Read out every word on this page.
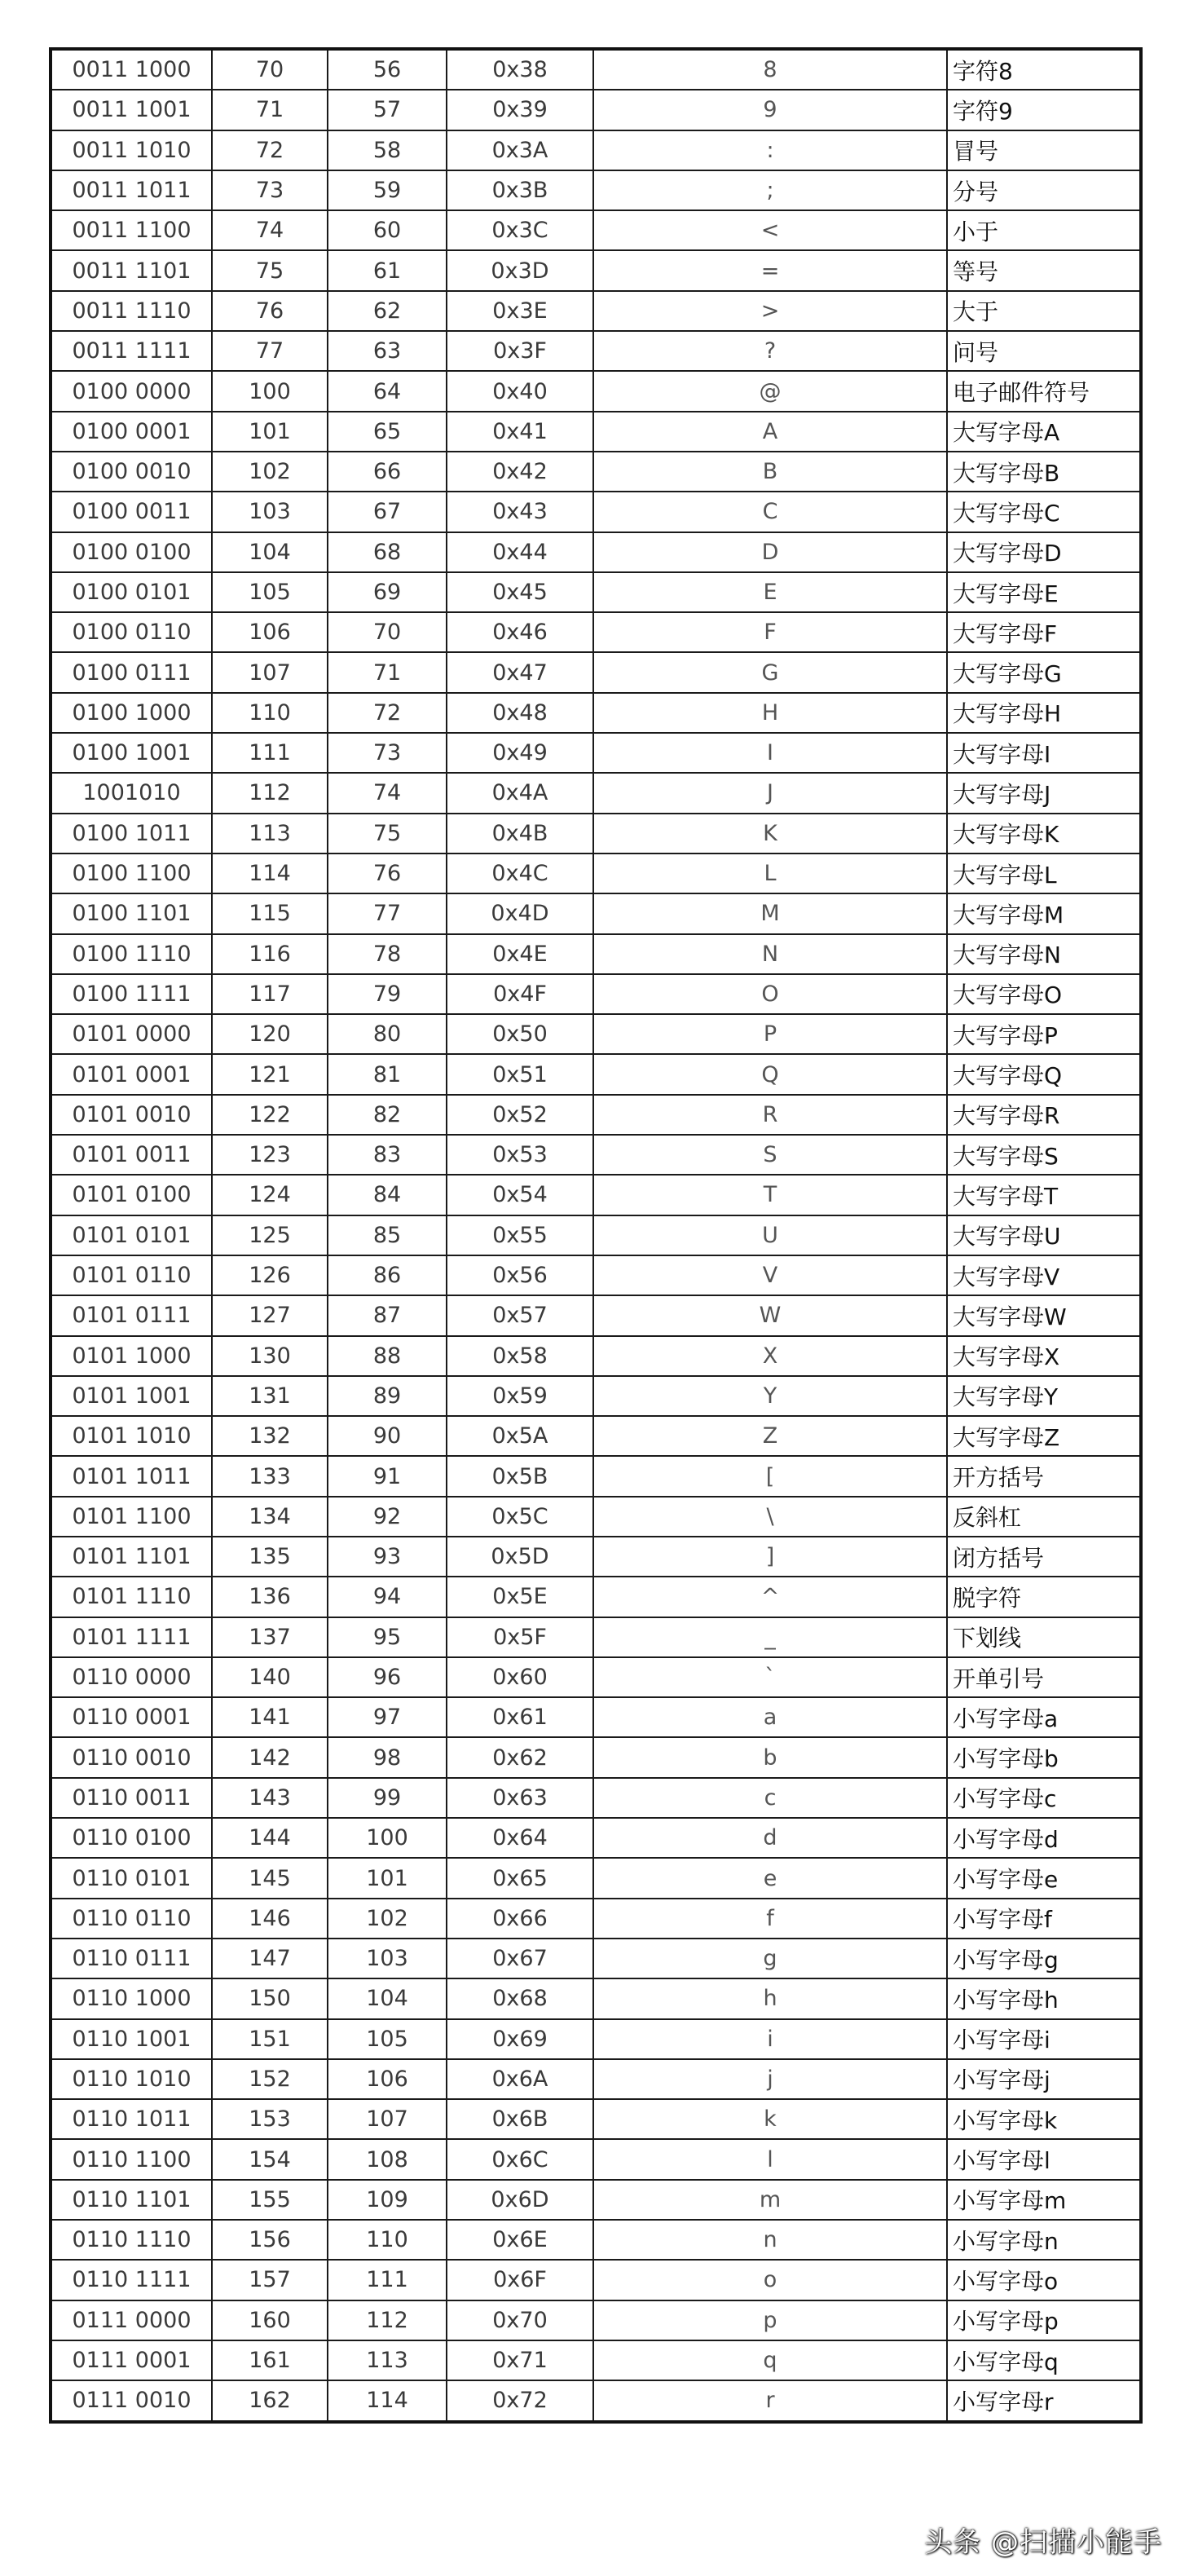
0011 1000	70	56	0x38	8	字符8
0011 1001	71	57	0x39	9	字符9
0011 1010	72	58	0x3A	:	冒号
0011 1011	73	59	0x3B	;	分号
0011 1100	74	60	0x3C	<	小于
0011 1101	75	61	0x3D	=	等号
0011 1110	76	62	0x3E	>	大于
0011 1111	77	63	0x3F	?	问号
0100 0000	100	64	0x40	@	电子邮件符号
0100 0001	101	65	0x41	A	大写字母A
0100 0010	102	66	0x42	B	大写字母B
0100 0011	103	67	0x43	C	大写字母C
0100 0100	104	68	0x44	D	大写字母D
0100 0101	105	69	0x45	E	大写字母E
0100 0110	106	70	0x46	F	大写字母F
0100 0111	107	71	0x47	G	大写字母G
0100 1000	110	72	0x48	H	大写字母H
0100 1001	111	73	0x49	I	大写字母I
1001010	112	74	0x4A	J	大写字母J
0100 1011	113	75	0x4B	K	大写字母K
0100 1100	114	76	0x4C	L	大写字母L
0100 1101	115	77	0x4D	M	大写字母M
0100 1110	116	78	0x4E	N	大写字母N
0100 1111	117	79	0x4F	O	大写字母O
0101 0000	120	80	0x50	P	大写字母P
0101 0001	121	81	0x51	Q	大写字母Q
0101 0010	122	82	0x52	R	大写字母R
0101 0011	123	83	0x53	S	大写字母S
0101 0100	124	84	0x54	T	大写字母T
0101 0101	125	85	0x55	U	大写字母U
0101 0110	126	86	0x56	V	大写字母V
0101 0111	127	87	0x57	W	大写字母W
0101 1000	130	88	0x58	X	大写字母X
0101 1001	131	89	0x59	Y	大写字母Y
0101 1010	132	90	0x5A	Z	大写字母Z
0101 1011	133	91	0x5B	[	开方括号
0101 1100	134	92	0x5C	\	反斜杠
0101 1101	135	93	0x5D	]	闭方括号
0101 1110	136	94	0x5E	^	脱字符
0101 1111	137	95	0x5F	_	下划线
0110 0000	140	96	0x60	`	开单引号
0110 0001	141	97	0x61	a	小写字母a
0110 0010	142	98	0x62	b	小写字母b
0110 0011	143	99	0x63	c	小写字母c
0110 0100	144	100	0x64	d	小写字母d
0110 0101	145	101	0x65	e	小写字母e
0110 0110	146	102	0x66	f	小写字母f
0110 0111	147	103	0x67	g	小写字母g
0110 1000	150	104	0x68	h	小写字母h
0110 1001	151	105	0x69	i	小写字母i
0110 1010	152	106	0x6A	j	小写字母j
0110 1011	153	107	0x6B	k	小写字母k
0110 1100	154	108	0x6C	l	小写字母l
0110 1101	155	109	0x6D	m	小写字母m
0110 1110	156	110	0x6E	n	小写字母n
0110 1111	157	111	0x6F	o	小写字母o
0111 0000	160	112	0x70	p	小写字母p
0111 0001	161	113	0x71	q	小写字母q
0111 0010	162	114	0x72	r	小写字母r
头条 @扫描小能手
